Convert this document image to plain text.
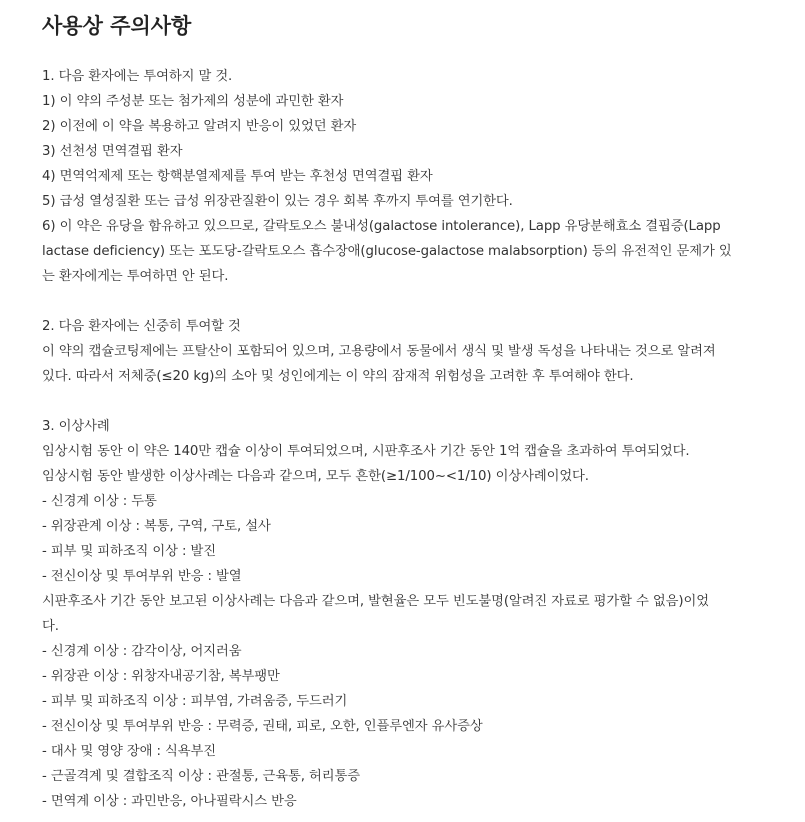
사용상 주의사항
1. 다음 환자에는 투여하지 말 것.
1) 이 약의 주성분 또는 첨가제의 성분에 과민한 환자
2) 이전에 이 약을 복용하고 알려지 반응이 있었던 환자
3) 선천성 면역결핍 환자
4) 면역억제제 또는 항핵분열제제를 투여 받는 후천성 면역결핍 환자
5) 급성 열성질환 또는 급성 위장관질환이 있는 경우 회복 후까지 투여를 연기한다.
6) 이 약은 유당을 함유하고 있으므로, 갈락토오스 불내성(galactose intolerance), Lapp 유당분해효소 결핍증(Lapp
lactase deficiency) 또는 포도당-갈락토오스 흡수장애(glucose-galactose malabsorption) 등의 유전적인 문제가 있
는 환자에게는 투여하면 안 된다.
2. 다음 환자에는 신중히 투여할 것
이 약의 캡슐코팅제에는 프탈산이 포함되어 있으며, 고용량에서 동물에서 생식 및 발생 독성을 나타내는 것으로 알려져
있다. 따라서 저체중(≤20 kg)의 소아 및 성인에게는 이 약의 잠재적 위험성을 고려한 후 투여해야 한다.
3. 이상사례
임상시험 동안 이 약은 140만 캡슐 이상이 투여되었으며, 시판후조사 기간 동안 1억 캡슐을 초과하여 투여되었다.
임상시험 동안 발생한 이상사례는 다음과 같으며, 모두 흔한(≥1/100~<1/10) 이상사례이었다.
- 신경계 이상 : 두통
- 위장관계 이상 : 복통, 구역, 구토, 설사
- 피부 및 피하조직 이상 : 발진
- 전신이상 및 투여부위 반응 : 발열
시판후조사 기간 동안 보고된 이상사례는 다음과 같으며, 발현율은 모두 빈도불명(알려진 자료로 평가할 수 없음)이었
다.
- 신경계 이상 : 감각이상, 어지러움
- 위장관 이상 : 위창자내공기참, 복부팽만
- 피부 및 피하조직 이상 : 피부염, 가려움증, 두드러기
- 전신이상 및 투여부위 반응 : 무력증, 권태, 피로, 오한, 인플루엔자 유사증상
- 대사 및 영양 장애 : 식욕부진
- 근골격계 및 결합조직 이상 : 관절통, 근육통, 허리통증
- 면역계 이상 : 과민반응, 아나필락시스 반응
